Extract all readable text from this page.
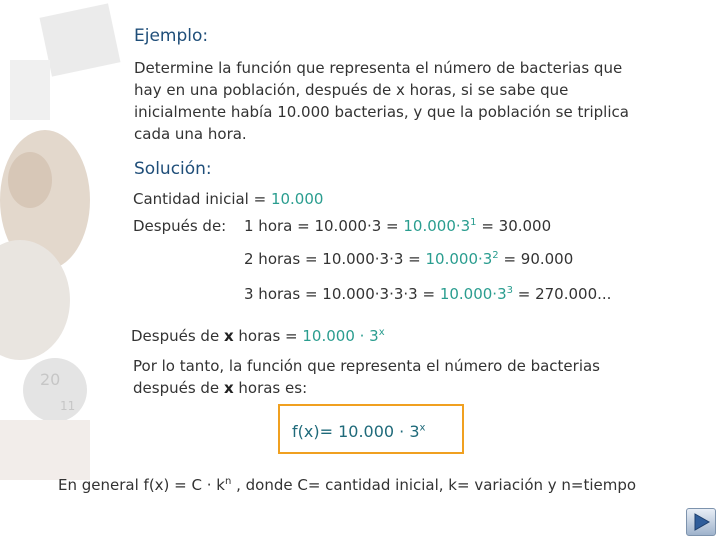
20
11
Ejemplo:
Determine la función que representa el número de bacterias que
hay en una población, después de x horas, si se sabe que
inicialmente había 10.000 bacterias, y que la población se triplica
cada una hora.
Solución:
Cantidad inicial = 10.000
Después de: 1 hora = $10.000\cdot 3 = 10.000\cdot 3^1 = 30.000$
2 horas = $10.000\cdot 3\cdot 3 = 10.000\cdot 3^2 = 90.000$
3 horas = $10.000\cdot 3\cdot 3\cdot 3 = 10.000\cdot 3^3 = 270.000$...
Después de x horas = $10.000 \cdot 3^x$
Por lo tanto, la función que representa el número de bacterias
después de x horas es:
$f(x)= 10.000 \cdot 3^x$
En general $f(x) = C \cdot k^n$ , donde C= cantidad inicial, k= variación y n=tiempo
